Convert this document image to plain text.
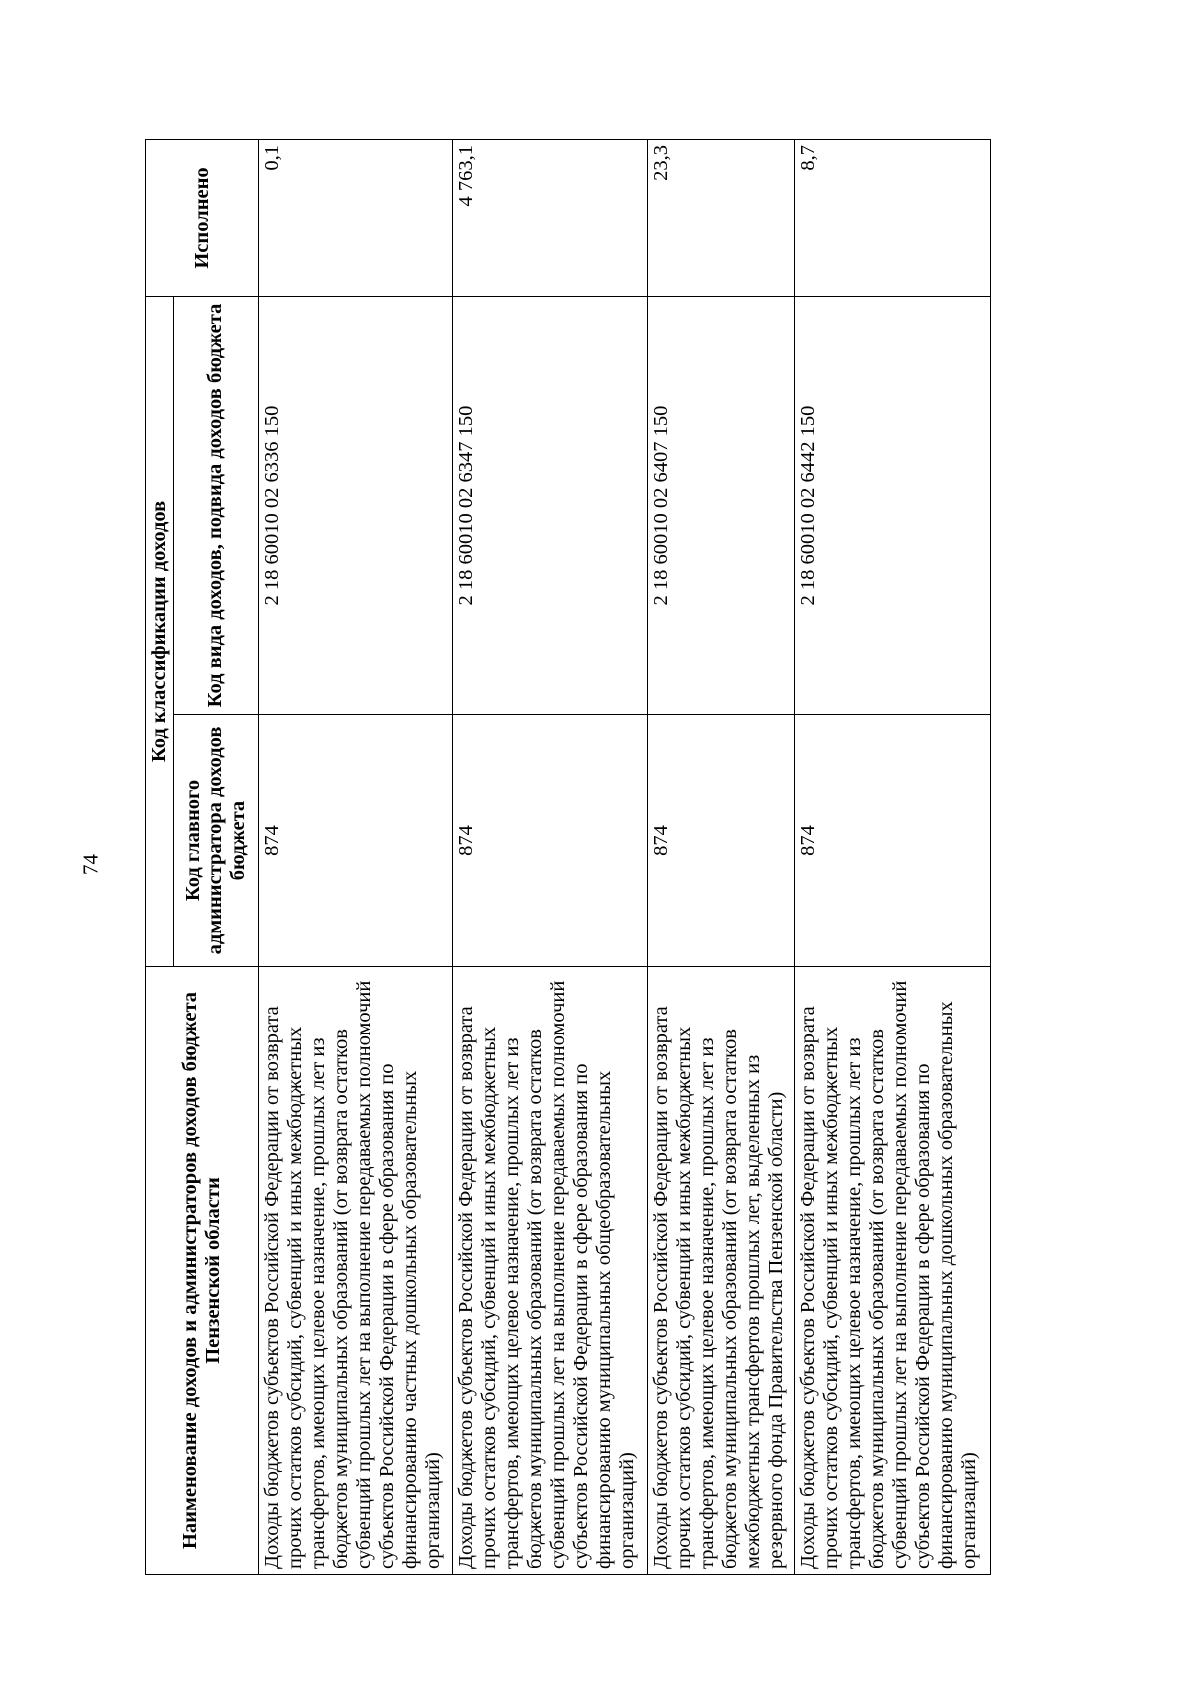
74
Наименование доходов и администраторов доходов бюджета Пензенской области	Код классификации доходов		Исполнено
	Код главного администратора доходов бюджета	Код вида доходов, подвида доходов бюджета	
Доходы бюджетов субъектов Российской Федерации от возврата прочих остатков субсидий, субвенций и иных межбюджетных трансфертов, имеющих целевое назначение, прошлых лет из бюджетов муниципальных образований (от возврата остатков субвенций прошлых лет на выполнение передаваемых полномочий субъектов Российской Федерации в сфере образования по финансированию частных дошкольных образовательных организаций)	874	2 18 60010 02 6336 150	0,1
Доходы бюджетов субъектов Российской Федерации от возврата прочих остатков субсидий, субвенций и иных межбюджетных трансфертов, имеющих целевое назначение, прошлых лет из бюджетов муниципальных образований (от возврата остатков субвенций прошлых лет на выполнение передаваемых полномочий субъектов Российской Федерации в сфере образования по финансированию муниципальных общеобразовательных организаций)	874	2 18 60010 02 6347 150	4 763,1
Доходы бюджетов субъектов Российской Федерации от возврата прочих остатков субсидий, субвенций и иных межбюджетных трансфертов, имеющих целевое назначение, прошлых лет из бюджетов муниципальных образований (от возврата остатков межбюджетных трансфертов прошлых лет, выделенных из резервного фонда Правительства Пензенской области)	874	2 18 60010 02 6407 150	23,3
Доходы бюджетов субъектов Российской Федерации от возврата прочих остатков субсидий, субвенций и иных межбюджетных трансфертов, имеющих целевое назначение, прошлых лет из бюджетов муниципальных образований (от возврата остатков субвенций прошлых лет на выполнение передаваемых полномочий субъектов Российской Федерации в сфере образования по финансированию муниципальных дошкольных образовательных организаций)	874	2 18 60010 02 6442 150	8,7
